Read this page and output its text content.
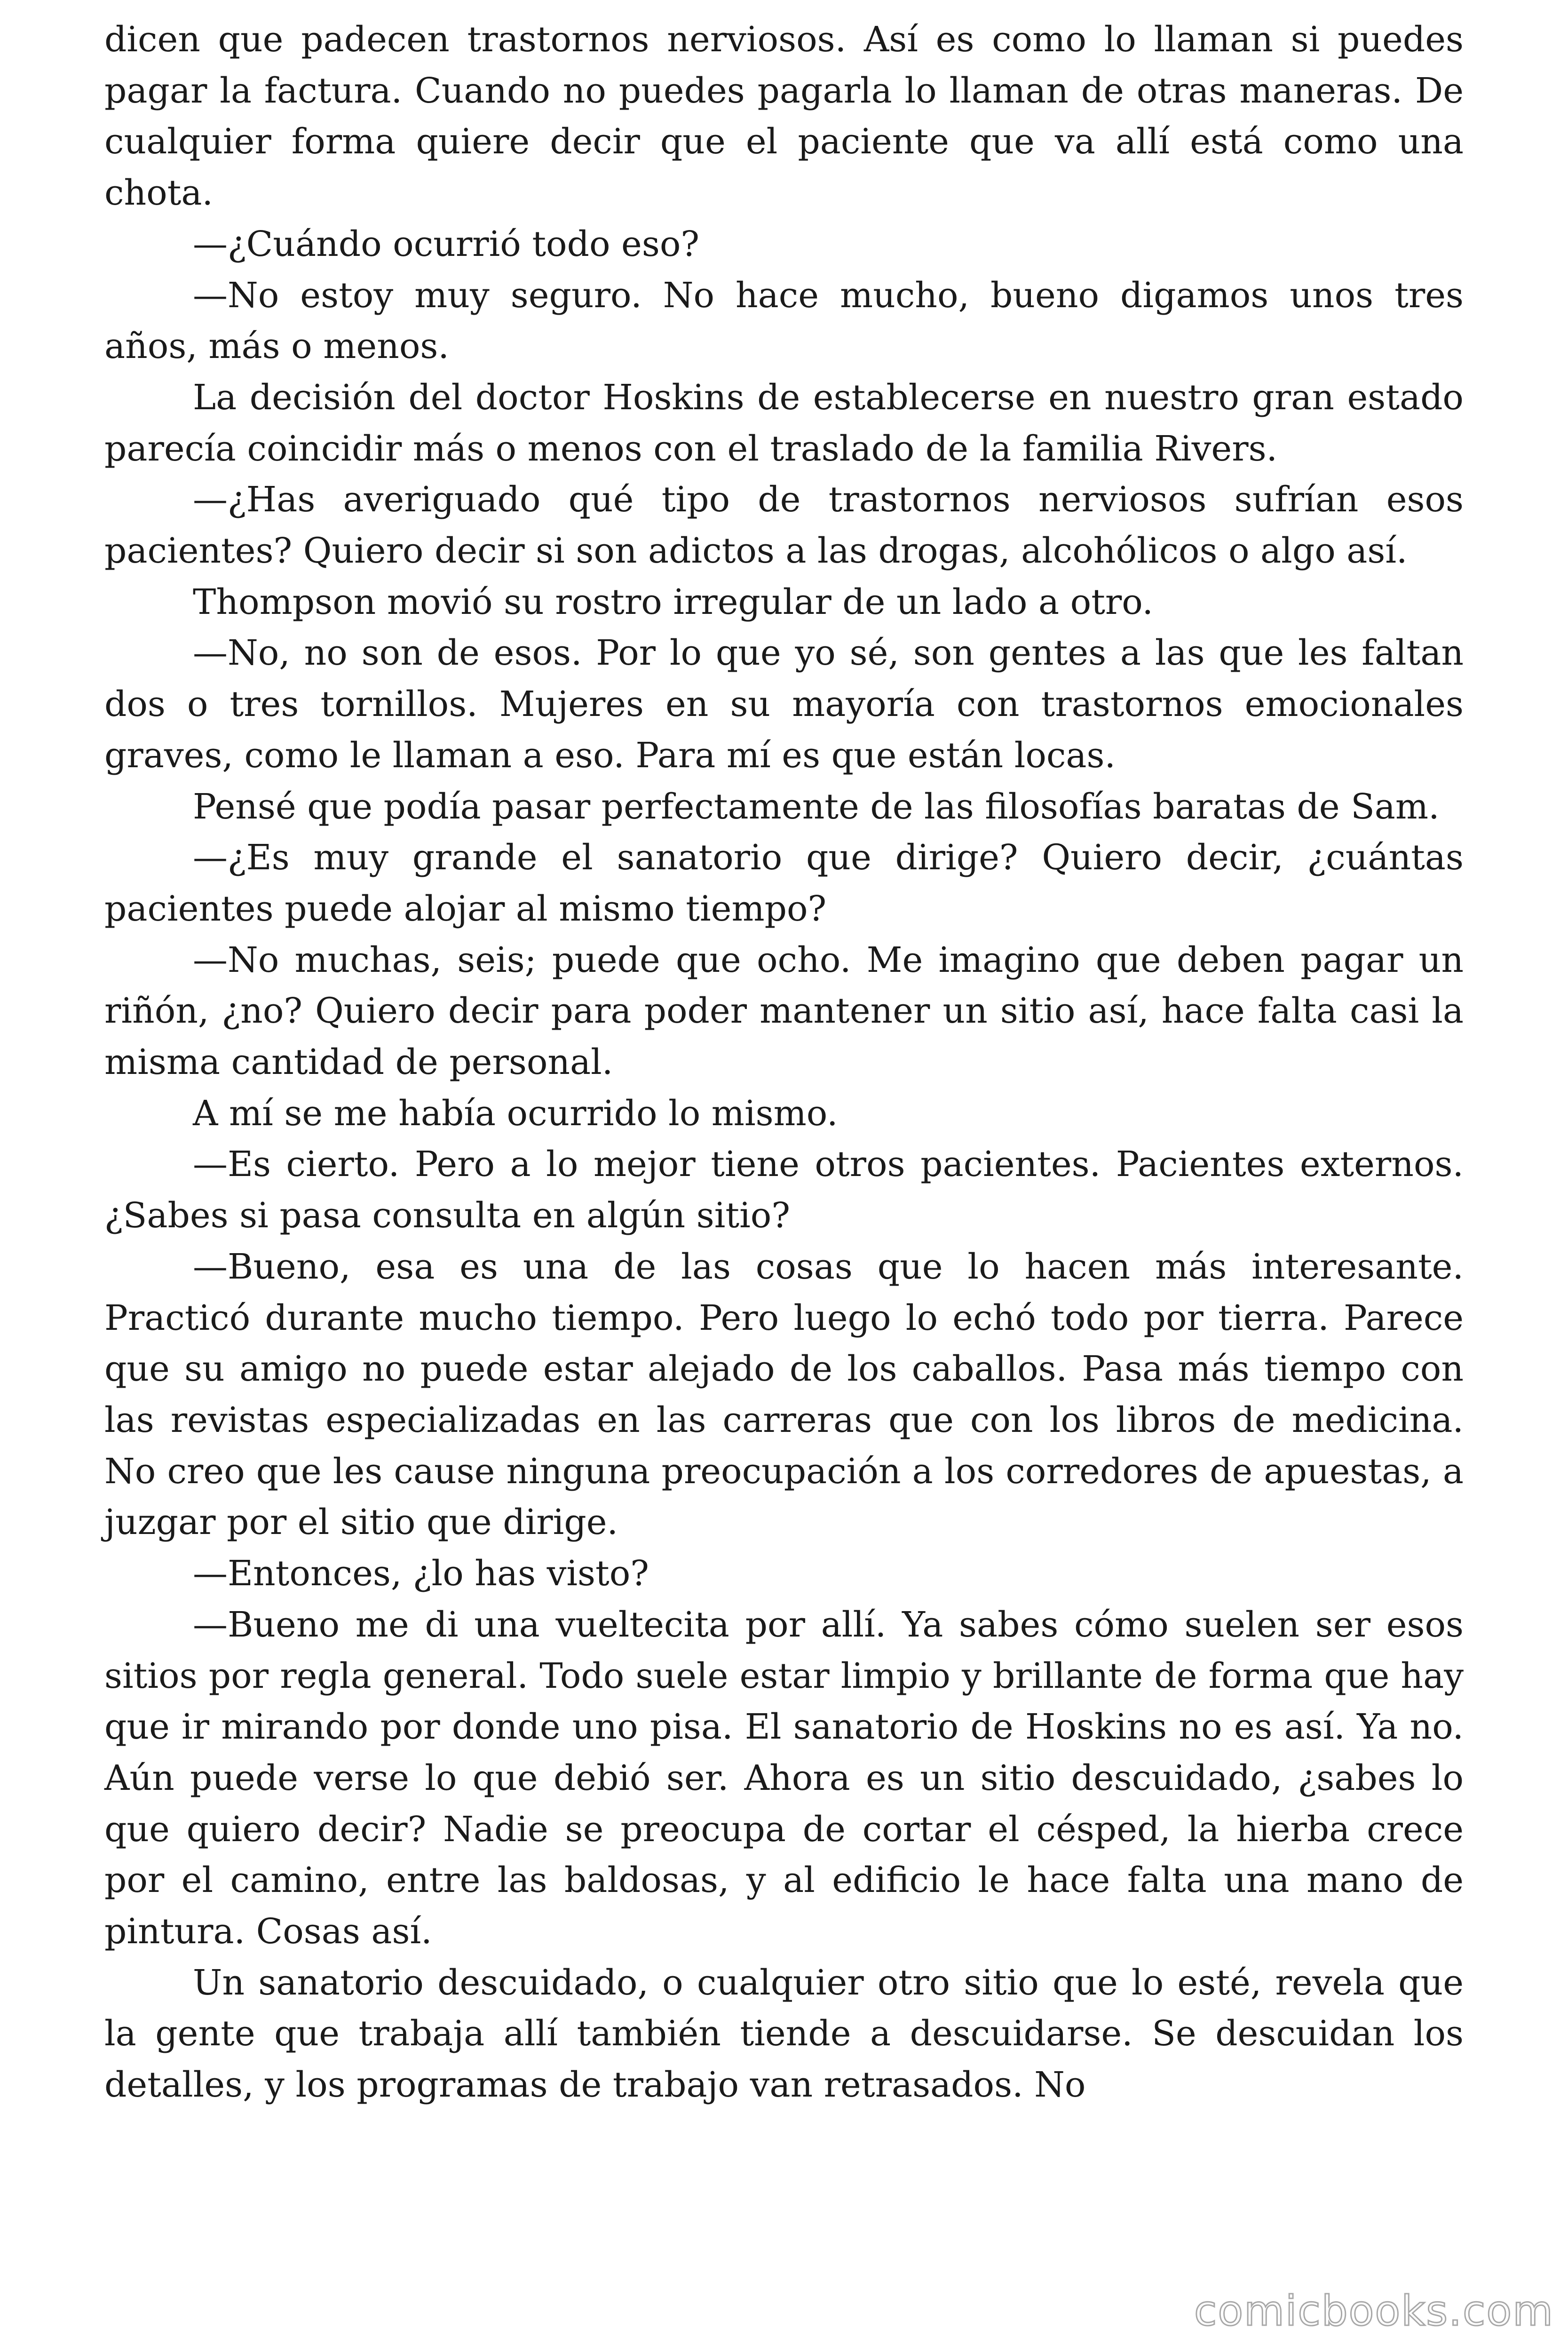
dicen que padecen trastornos nerviosos. Así es como lo llaman si puedes pagar la factura. Cuando no puedes pagarla lo llaman de otras maneras. De cualquier forma quiere decir que el paciente que va allí está como una chota.

—¿Cuándo ocurrió todo eso?

—No estoy muy seguro. No hace mucho, bueno digamos unos tres años, más o menos.

La decisión del doctor Hoskins de establecerse en nuestro gran estado parecía coincidir más o menos con el traslado de la familia Rivers.

—¿Has averiguado qué tipo de trastornos nerviosos sufrían esos pacientes? Quiero decir si son adictos a las drogas, alcohólicos o algo así.

Thompson movió su rostro irregular de un lado a otro.

—No, no son de esos. Por lo que yo sé, son gentes a las que les faltan dos o tres tornillos. Mujeres en su mayoría con trastornos emocionales graves, como le llaman a eso. Para mí es que están locas.

Pensé que podía pasar perfectamente de las filosofías baratas de Sam.

—¿Es muy grande el sanatorio que dirige? Quiero decir, ¿cuántas pacientes puede alojar al mismo tiempo?

—No muchas, seis; puede que ocho. Me imagino que deben pagar un riñón, ¿no? Quiero decir para poder mantener un sitio así, hace falta casi la misma cantidad de personal.

A mí se me había ocurrido lo mismo.

—Es cierto. Pero a lo mejor tiene otros pacientes. Pacientes externos. ¿Sabes si pasa consulta en algún sitio?

—Bueno, esa es una de las cosas que lo hacen más interesante. Practicó durante mucho tiempo. Pero luego lo echó todo por tierra. Parece que su amigo no puede estar alejado de los caballos. Pasa más tiempo con las revistas especializadas en las carreras que con los libros de medicina. No creo que les cause ninguna preocupación a los corredores de apuestas, a juzgar por el sitio que dirige.

—Entonces, ¿lo has visto?

—Bueno me di una vueltecita por allí. Ya sabes cómo suelen ser esos sitios por regla general. Todo suele estar limpio y brillante de forma que hay que ir mirando por donde uno pisa. El sanatorio de Hoskins no es así. Ya no. Aún puede verse lo que debió ser. Ahora es un sitio descuidado, ¿sabes lo que quiero decir? Nadie se preocupa de cortar el césped, la hierba crece por el camino, entre las baldosas, y al edificio le hace falta una mano de pintura. Cosas así.

Un sanatorio descuidado, o cualquier otro sitio que lo esté, revela que la gente que trabaja allí también tiende a descuidarse. Se descuidan los detalles, y los programas de trabajo van retrasados. No

comicbooks.com
